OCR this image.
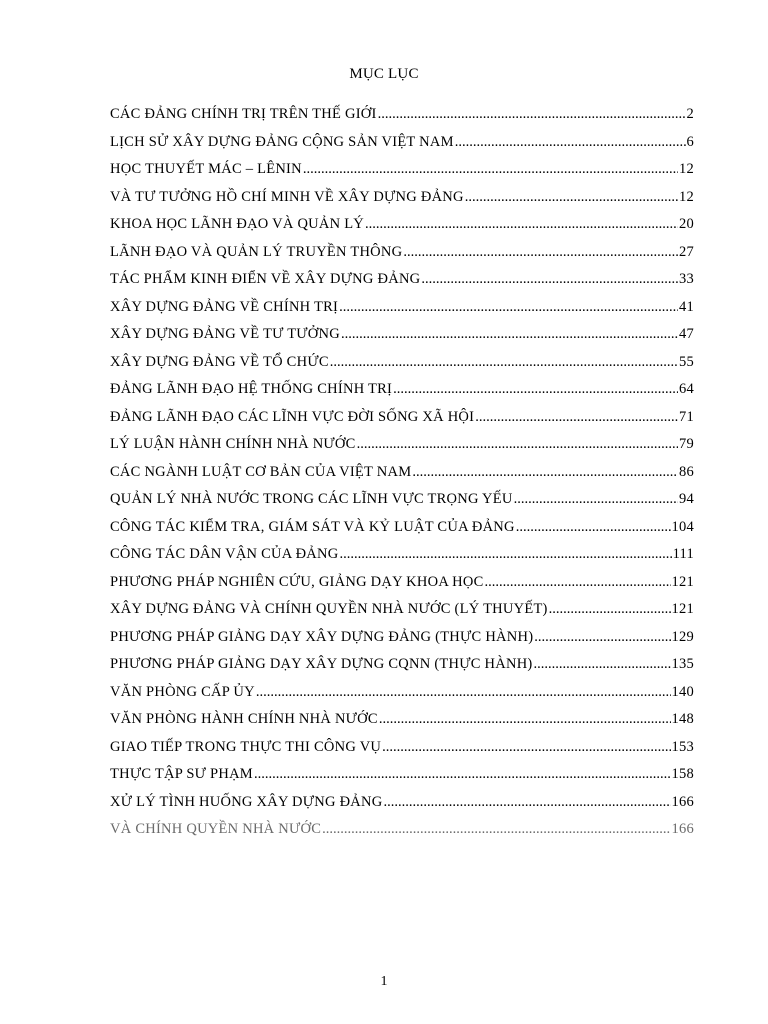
MỤC LỤC
CÁC ĐẢNG CHÍNH TRỊ TRÊN THẾ GIỚI .....	2
LỊCH SỬ XÂY DỰNG ĐẢNG CỘNG SẢN VIỆT NAM .....	6
HỌC THUYẾT MÁC – LÊNIN .....	12
VÀ TƯ TƯỞNG HỒ CHÍ MINH VỀ XÂY DỰNG ĐẢNG .....	12
KHOA HỌC LÃNH ĐẠO VÀ QUẢN LÝ .....	20
LÃNH ĐẠO VÀ QUẢN LÝ TRUYỀN THÔNG .....	27
TÁC PHẨM KINH ĐIỂN VỀ XÂY DỰNG ĐẢNG .....	33
XÂY DỰNG ĐẢNG VỀ CHÍNH TRỊ .....	41
XÂY DỰNG ĐẢNG VỀ TƯ TƯỞNG .....	47
XÂY DỰNG ĐẢNG VỀ TỔ CHỨC .....	55
ĐẢNG LÃNH ĐẠO HỆ THỐNG CHÍNH TRỊ .....	64
ĐẢNG LÃNH ĐẠO CÁC LĨNH VỰC ĐỜI SỐNG XÃ HỘI .....	71
LÝ LUẬN HÀNH CHÍNH NHÀ NƯỚC .....	79
CÁC NGÀNH LUẬT CƠ BẢN CỦA VIỆT NAM .....	86
QUẢN LÝ NHÀ NƯỚC TRONG CÁC LĨNH VỰC TRỌNG YẾU .....	94
CÔNG TÁC KIỂM TRA, GIÁM SÁT VÀ KỶ LUẬT CỦA ĐẢNG .....	104
CÔNG TÁC DÂN VẬN CỦA ĐẢNG .....	111
PHƯƠNG PHÁP NGHIÊN CỨU, GIẢNG DẠY KHOA HỌC .....	121
XÂY DỰNG ĐẢNG VÀ CHÍNH QUYỀN NHÀ NƯỚC (LÝ THUYẾT) .....	121
PHƯƠNG PHÁP GIẢNG DẠY XÂY DỰNG ĐẢNG (THỰC HÀNH) .....	129
PHƯƠNG PHÁP GIẢNG DẠY XÂY DỰNG CQNN (THỰC HÀNH) .....	135
VĂN PHÒNG CẤP ỦY .....	140
VĂN PHÒNG HÀNH CHÍNH NHÀ NƯỚC .....	148
GIAO TIẾP TRONG THỰC THI CÔNG VỤ .....	153
THỰC TẬP SƯ PHẠM .....	158
XỬ LÝ TÌNH HUỐNG XÂY DỰNG ĐẢNG .....	166
VÀ CHÍNH QUYỀN NHÀ NƯỚC .....	166
1
